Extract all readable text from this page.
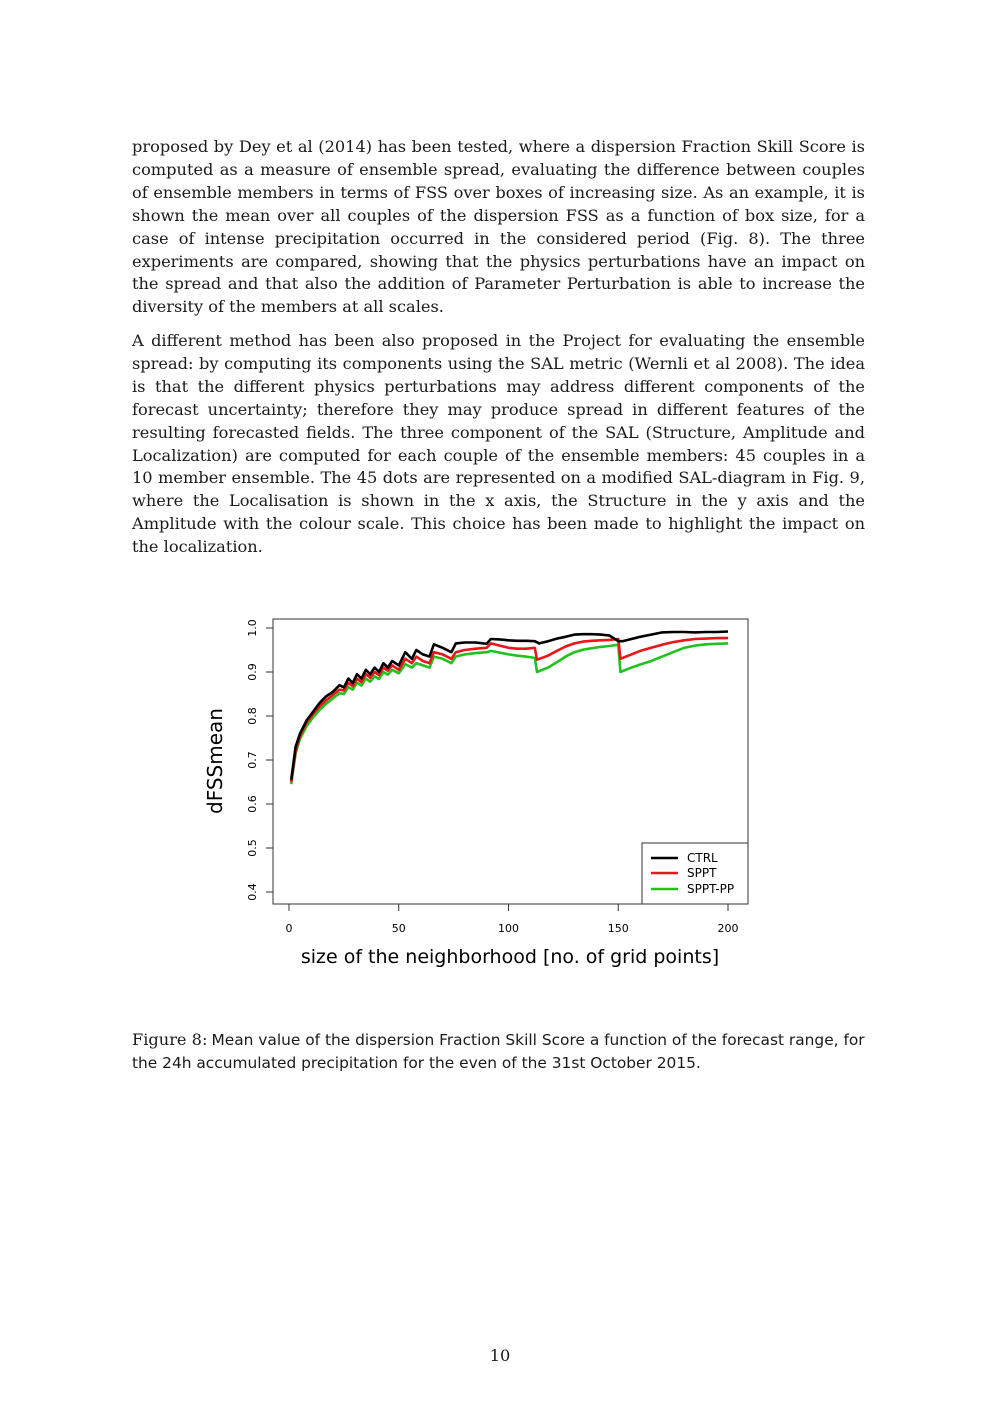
proposed by Dey et al (2014) has been tested, where a dispersion Fraction Skill Score is computed as a measure of ensemble spread, evaluating the difference between couples of ensemble members in terms of FSS over boxes of increasing size. As an example, it is shown the mean over all couples of the dispersion FSS as a function of box size, for a case of intense precipitation occurred in the considered period (Fig. 8). The three experiments are compared, showing that the physics perturbations have an impact on the spread and that also the addition of Parameter Perturbation is able to increase the diversity of the members at all scales.

A different method has been also proposed in the Project for evaluating the ensemble spread: by computing its components using the SAL metric (Wernli et al 2008). The idea is that the different physics perturbations may address different components of the forecast uncertainty; therefore they may produce spread in different features of the resulting forecasted fields. The three component of the SAL (Structure, Amplitude and Localization) are computed for each couple of the ensemble members: 45 couples in a 10 member ensemble. The 45 dots are represented on a modified SAL-diagram in Fig. 9, where the Localisation is shown in the x axis, the Structure in the y axis and the Amplitude with the colour scale. This choice has been made to highlight the impact on the localization.

0.4
0.5
0.6
0.7
0.8
0.9
1.0
0	50	100	150	200
dFSSmean
size of the neighborhood [no. of grid points]
CTRL
SPPT
SPPT-PP

Figure 8: Mean value of the dispersion Fraction Skill Score a function of the forecast range, for the 24h accumulated precipitation for the even of the 31st October 2015.

10
